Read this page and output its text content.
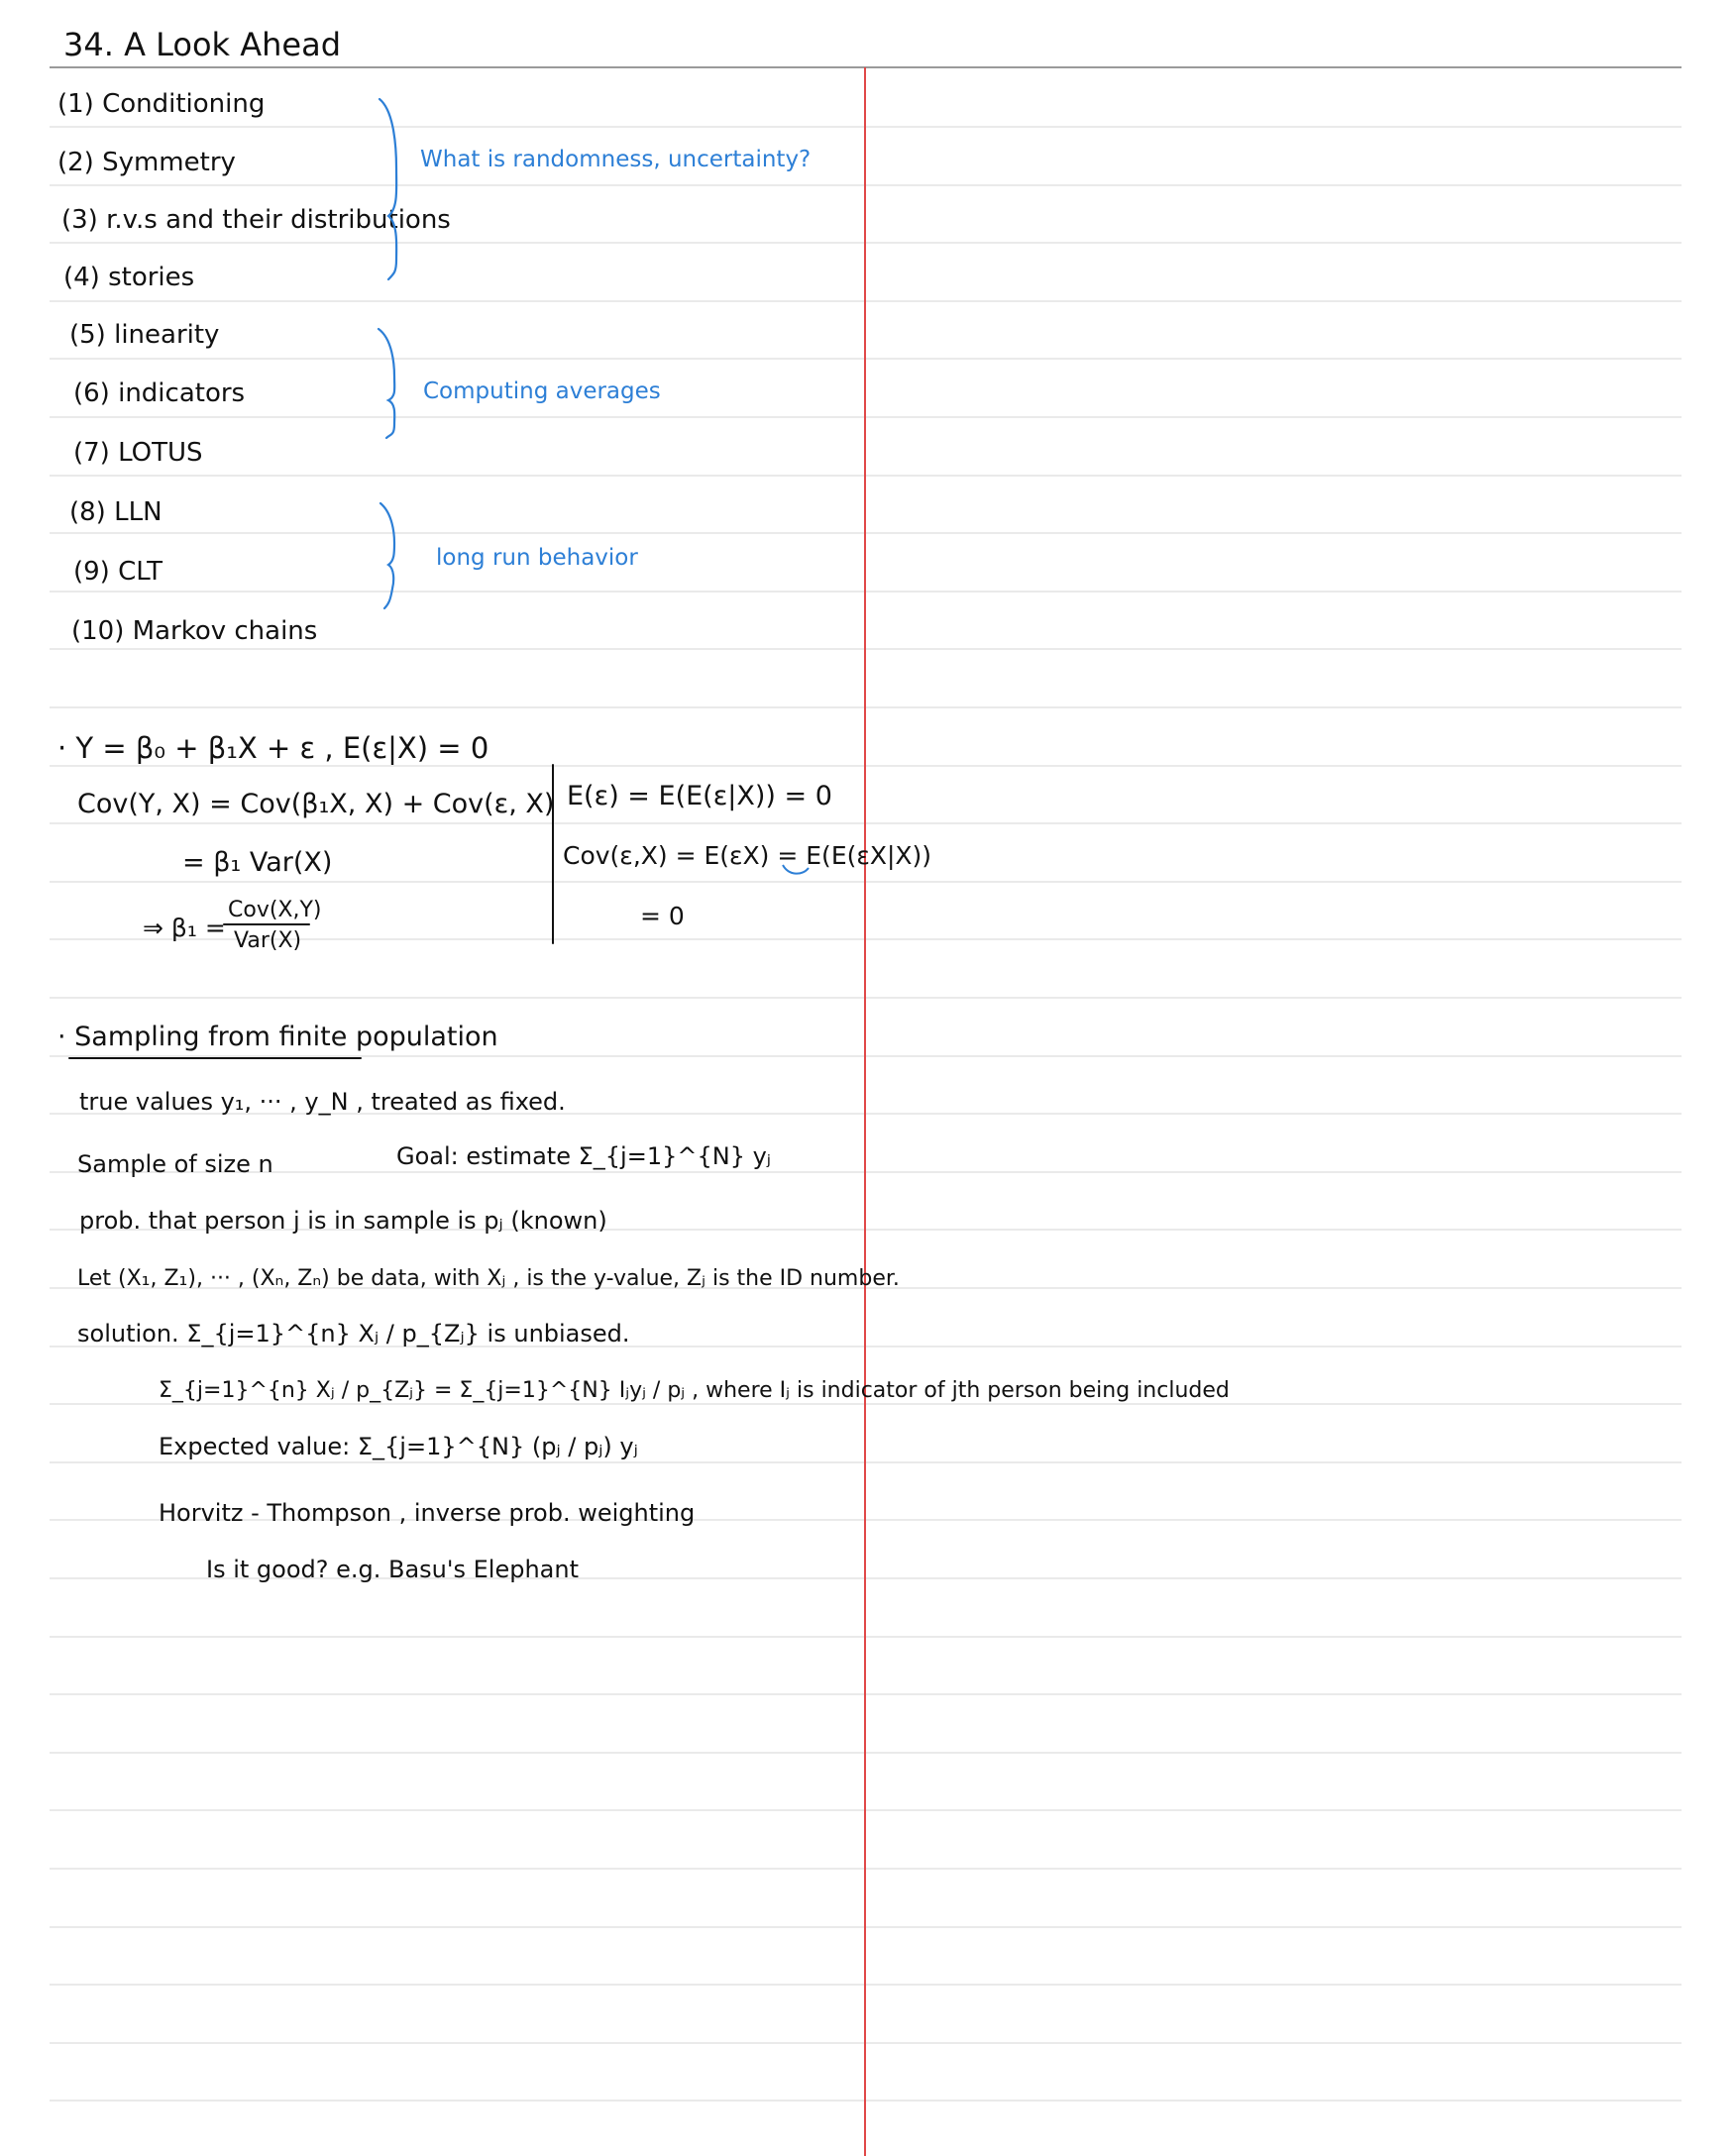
34. A Look Ahead
(1) Conditioning
(2) Symmetry
(3) r.v.s and their distributions
(4) stories
(5) linearity
(6) indicators
(7) LOTUS
(8) LLN
(9) CLT
(10) Markov chains
What is randomness, uncertainty?
Computing averages
long run behavior
· Y = β₀ + β₁X + ε , E(ε|X) = 0
Cov(Y, X) = Cov(β₁X, X) + Cov(ε, X)
= β₁ Var(X)
⇒ β₁ =
Cov(X,Y)
Var(X)
E(ε) = E(E(ε|X)) = 0
Cov(ε,X) = E(εX) = E(E(εX|X))
= 0
· Sampling from finite population
true values y₁, ··· , y_N , treated as fixed.
Sample of size n	Goal: estimate Σ_{j=1}^{N} yⱼ
prob. that person j is in sample is pⱼ (known)
Let (X₁, Z₁), ··· , (Xₙ, Zₙ) be data, with Xⱼ , is the y-value, Zⱼ is the ID number.
solution. Σ_{j=1}^{n} Xⱼ / p_{Zⱼ} is unbiased.
Σ_{j=1}^{n} Xⱼ / p_{Zⱼ} = Σ_{j=1}^{N} Iⱼyⱼ / pⱼ , where Iⱼ is indicator of jth person being included
Expected value: Σ_{j=1}^{N} (pⱼ / pⱼ) yⱼ
Horvitz - Thompson , inverse prob. weighting
Is it good? e.g. Basu's Elephant
